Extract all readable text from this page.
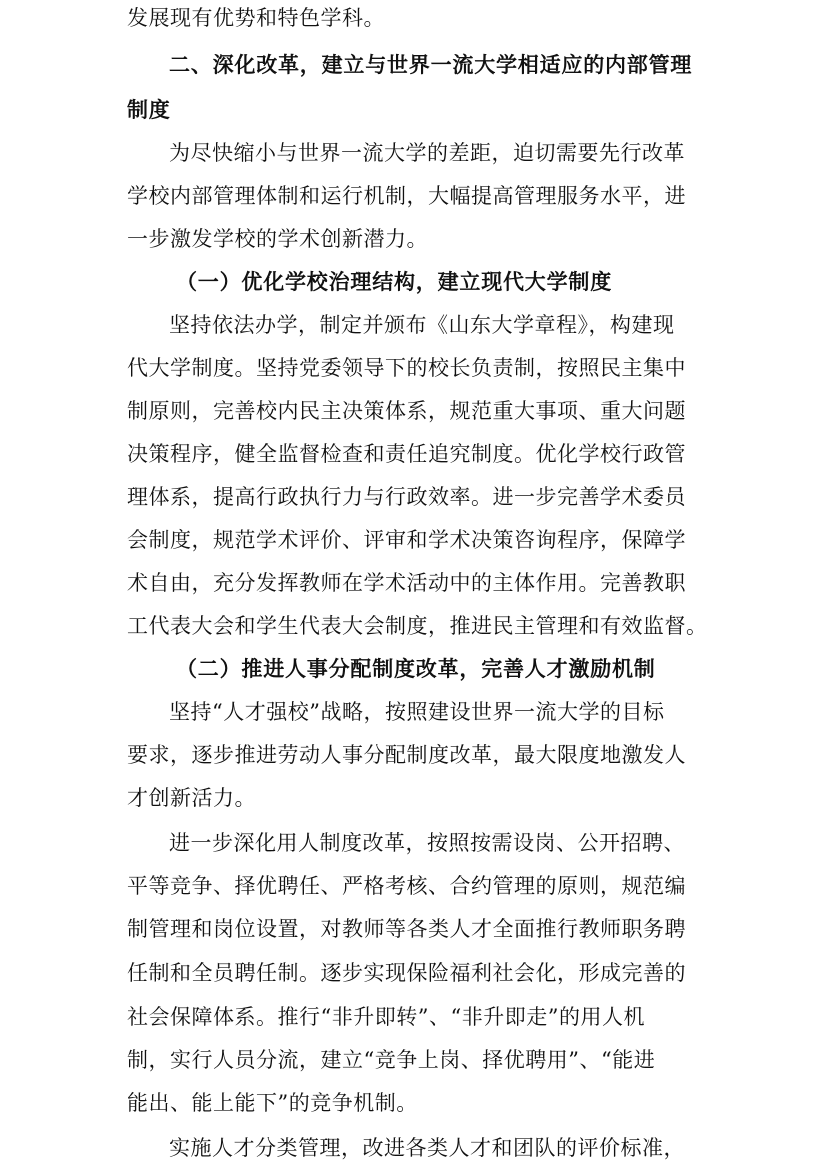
发展现有优势和特色学科。
二、深化改革，建立与世界一流大学相适应的内部管理
制度
为尽快缩小与世界一流大学的差距，迫切需要先行改革
学校内部管理体制和运行机制，大幅提高管理服务水平，进
一步激发学校的学术创新潜力。
（一）优化学校治理结构，建立现代大学制度
坚持依法办学，制定并颁布《山东大学章程》，构建现
代大学制度。坚持党委领导下的校长负责制，按照民主集中
制原则，完善校内民主决策体系，规范重大事项、重大问题
决策程序，健全监督检查和责任追究制度。优化学校行政管
理体系，提高行政执行力与行政效率。进一步完善学术委员
会制度，规范学术评价、评审和学术决策咨询程序，保障学
术自由，充分发挥教师在学术活动中的主体作用。完善教职
工代表大会和学生代表大会制度，推进民主管理和有效监督。
（二）推进人事分配制度改革，完善人才激励机制
坚持“人才强校”战略，按照建设世界一流大学的目标
要求，逐步推进劳动人事分配制度改革，最大限度地激发人
才创新活力。
进一步深化用人制度改革，按照按需设岗、公开招聘、
平等竞争、择优聘任、严格考核、合约管理的原则，规范编
制管理和岗位设置，对教师等各类人才全面推行教师职务聘
任制和全员聘任制。逐步实现保险福利社会化，形成完善的
社会保障体系。推行“非升即转”、“非升即走”的用人机
制，实行人员分流，建立“竞争上岗、择优聘用”、“能进
能出、能上能下”的竞争机制。
实施人才分类管理，改进各类人才和团队的评价标准，
